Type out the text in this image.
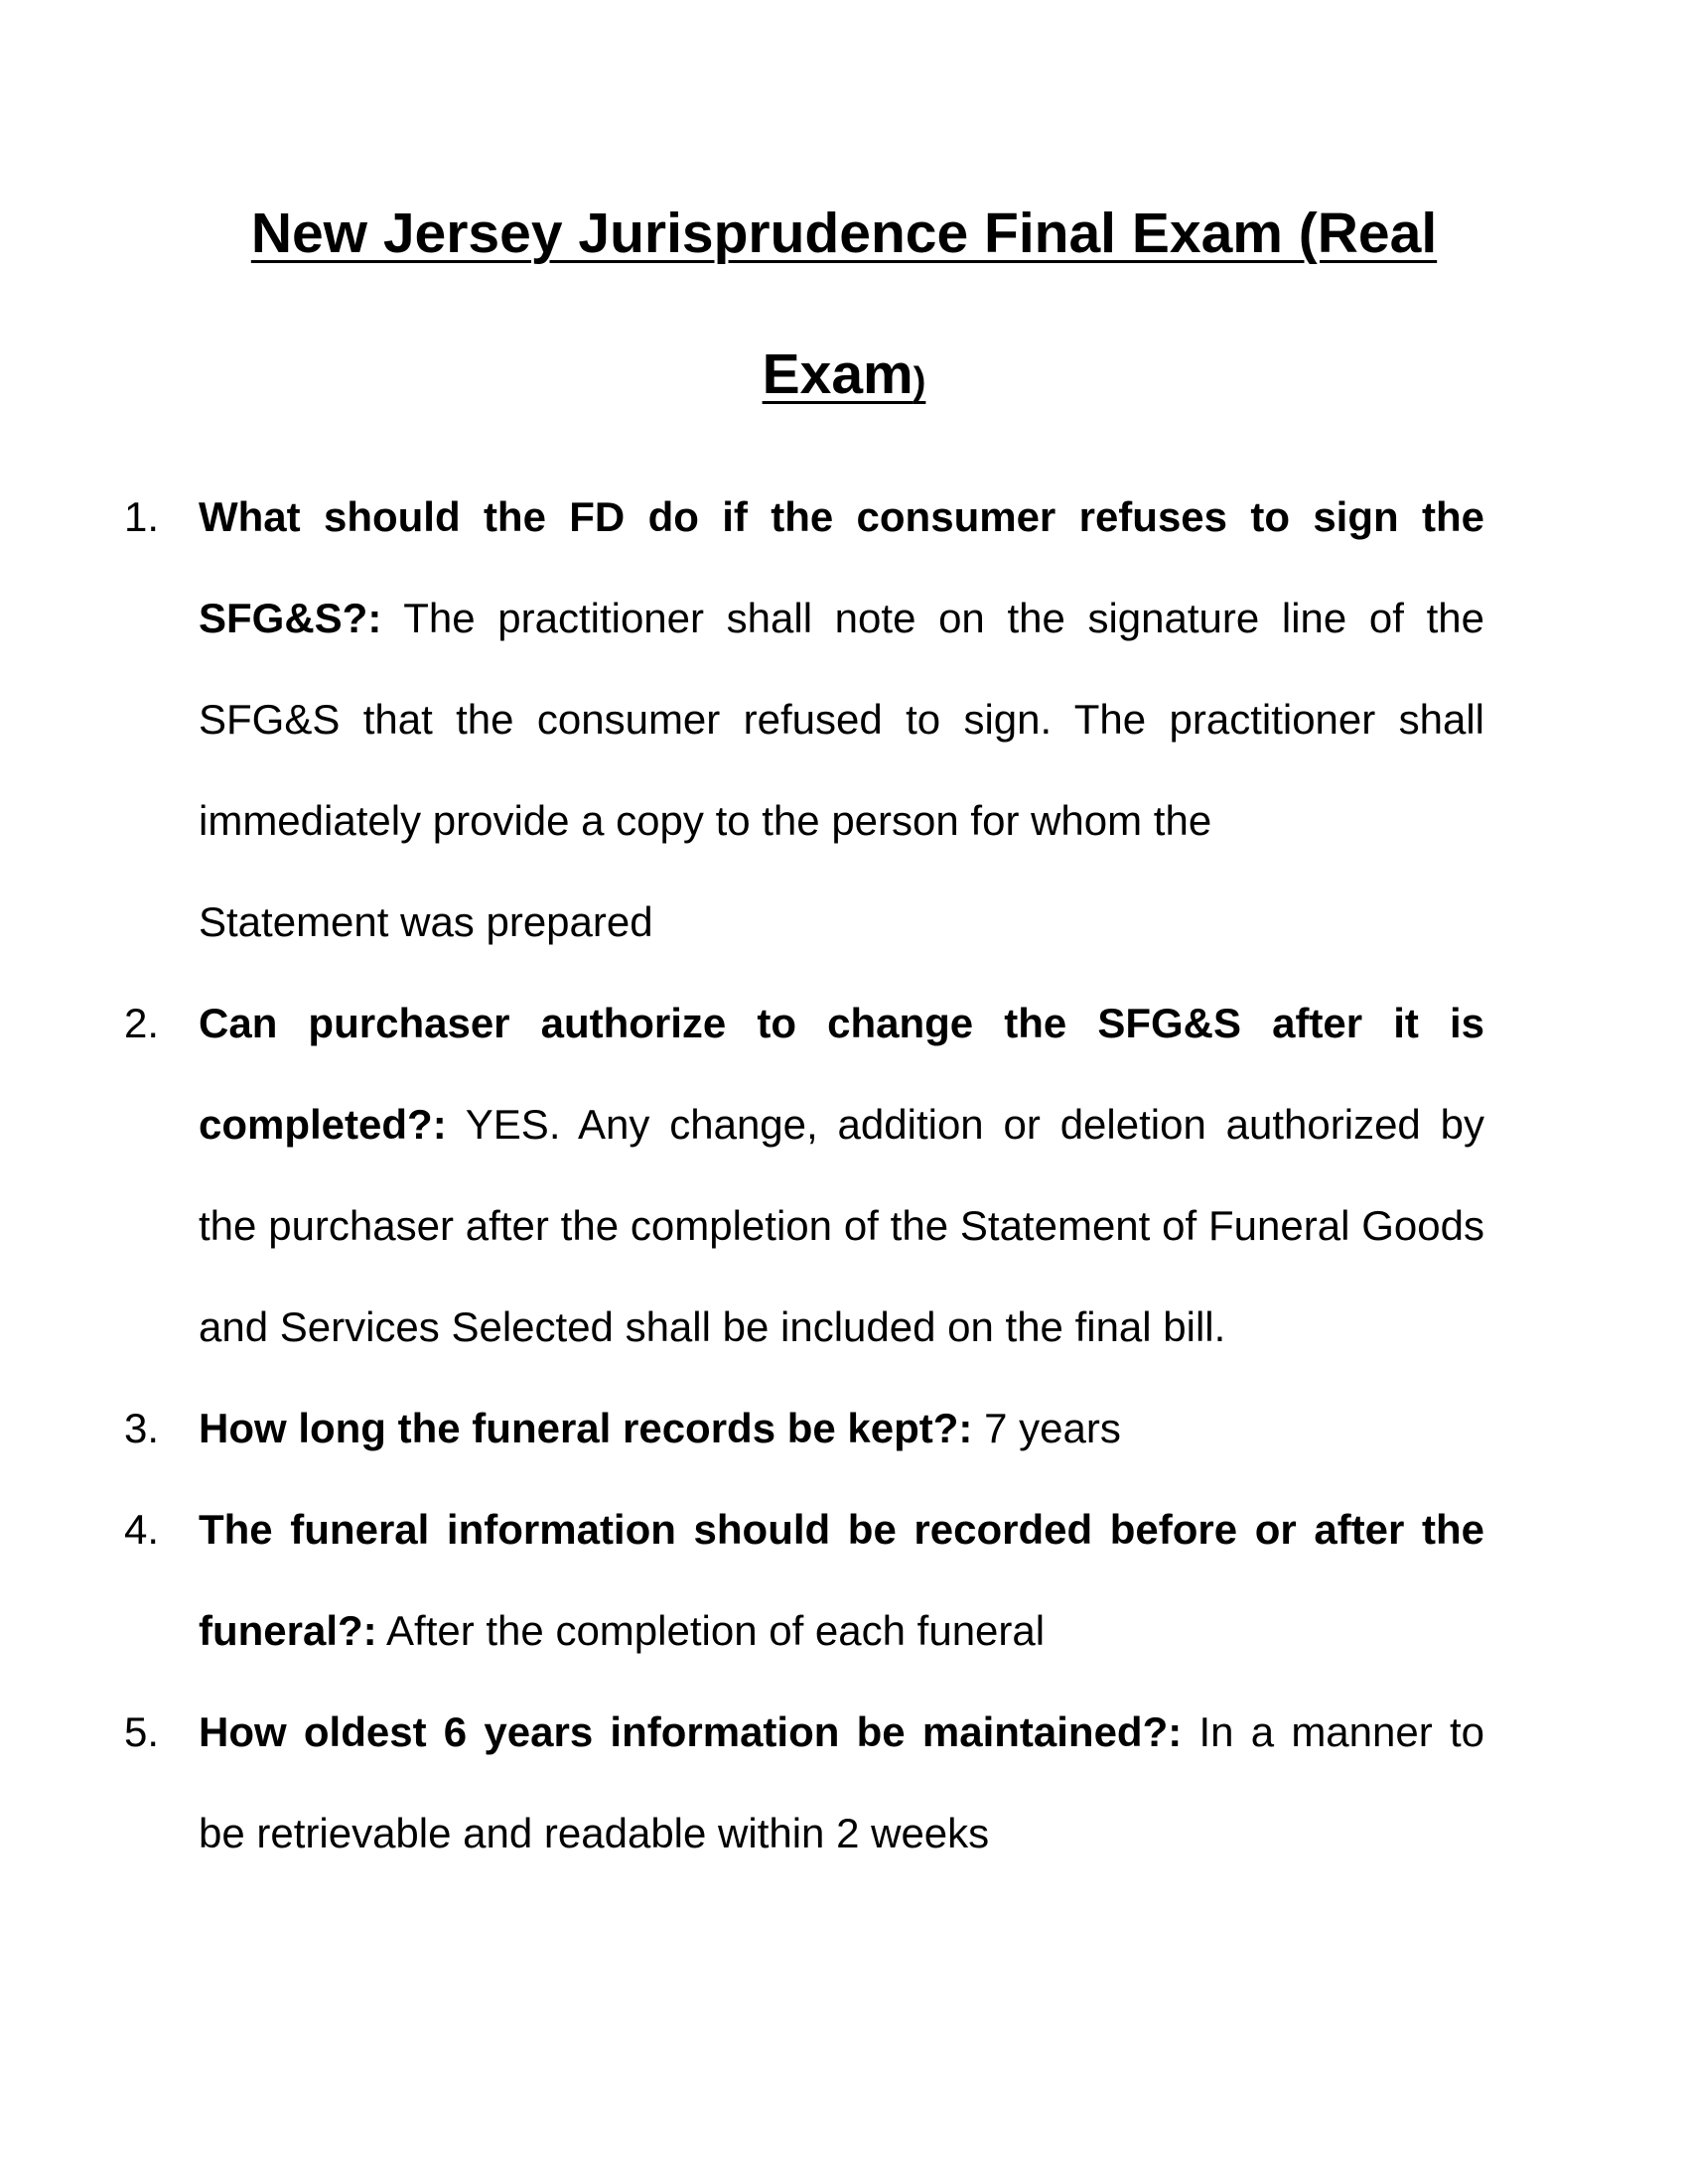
New Jersey Jurisprudence Final Exam (Real
Exam)
1. What should the FD do if the consumer refuses to sign the SFG&S?: The practitioner shall note on the signature line of the SFG&S that the consumer refused to sign. The practitioner shall immediately provide a copy to the person for whom the
Statement was prepared
2. Can purchaser authorize to change the SFG&S after it is completed?: YES. Any change, addition or deletion authorized by the purchaser after the completion of the Statement of Funeral Goods and Services Selected shall be included on the final bill.
3. How long the funeral records be kept?: 7 years
4. The funeral information should be recorded before or after the funeral?: After the completion of each funeral
5. How oldest 6 years information be maintained?: In a manner to be retrievable and readable within 2 weeks
